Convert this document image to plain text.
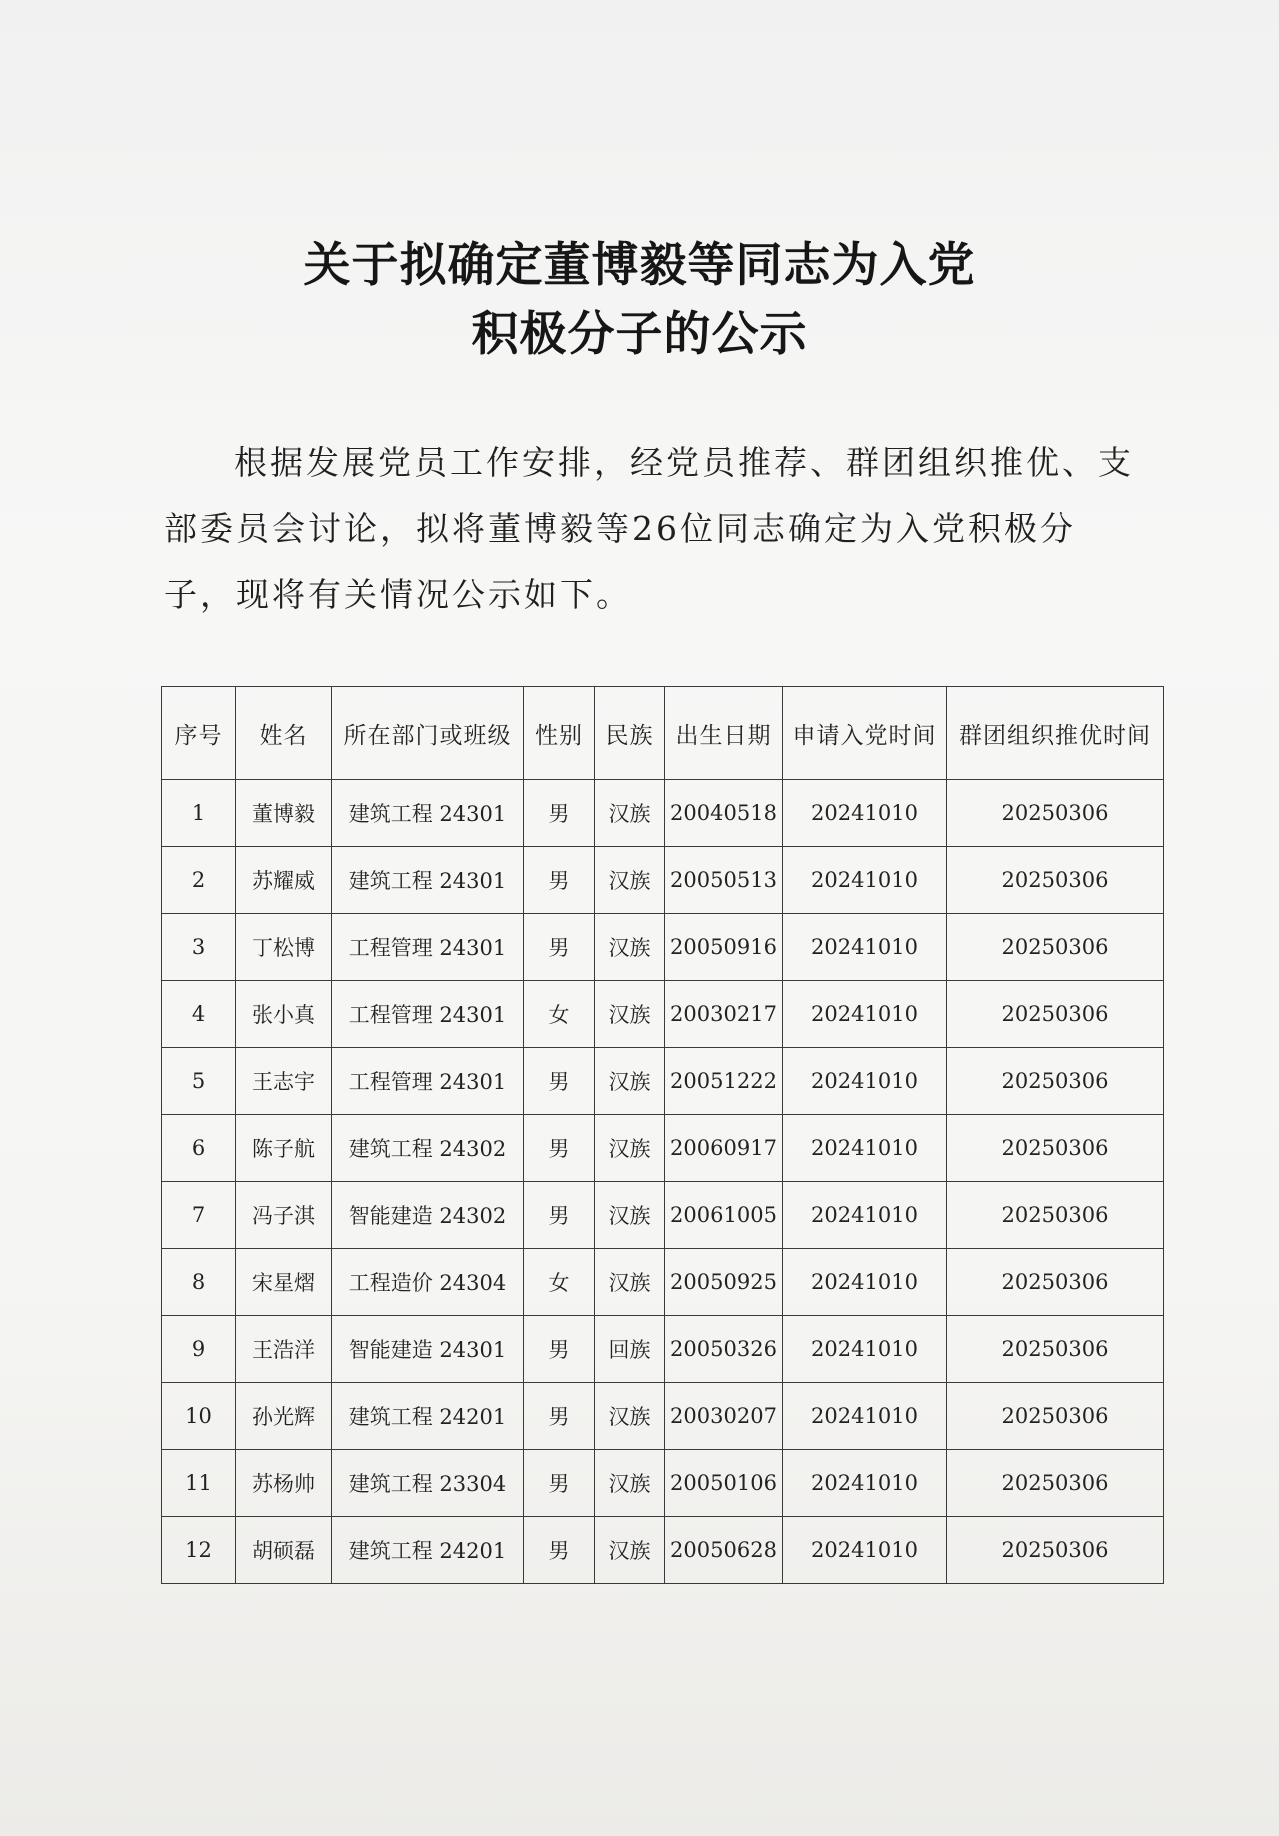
关于拟确定董博毅等同志为入党
积极分子的公示
根据发展党员工作安排，经党员推荐、群团组织推优、支部委员会讨论，拟将董博毅等26位同志确定为入党积极分子，现将有关情况公示如下。
序号	姓名	所在部门或班级	性别	民族	出生日期	申请入党时间	群团组织推优时间
1	董博毅	建筑工程 24301	男	汉族	20040518	20241010	20250306
2	苏耀威	建筑工程 24301	男	汉族	20050513	20241010	20250306
3	丁松博	工程管理 24301	男	汉族	20050916	20241010	20250306
4	张小真	工程管理 24301	女	汉族	20030217	20241010	20250306
5	王志宇	工程管理 24301	男	汉族	20051222	20241010	20250306
6	陈子航	建筑工程 24302	男	汉族	20060917	20241010	20250306
7	冯子淇	智能建造 24302	男	汉族	20061005	20241010	20250306
8	宋星熠	工程造价 24304	女	汉族	20050925	20241010	20250306
9	王浩洋	智能建造 24301	男	回族	20050326	20241010	20250306
10	孙光辉	建筑工程 24201	男	汉族	20030207	20241010	20250306
11	苏杨帅	建筑工程 23304	男	汉族	20050106	20241010	20250306
12	胡硕磊	建筑工程 24201	男	汉族	20050628	20241010	20250306
